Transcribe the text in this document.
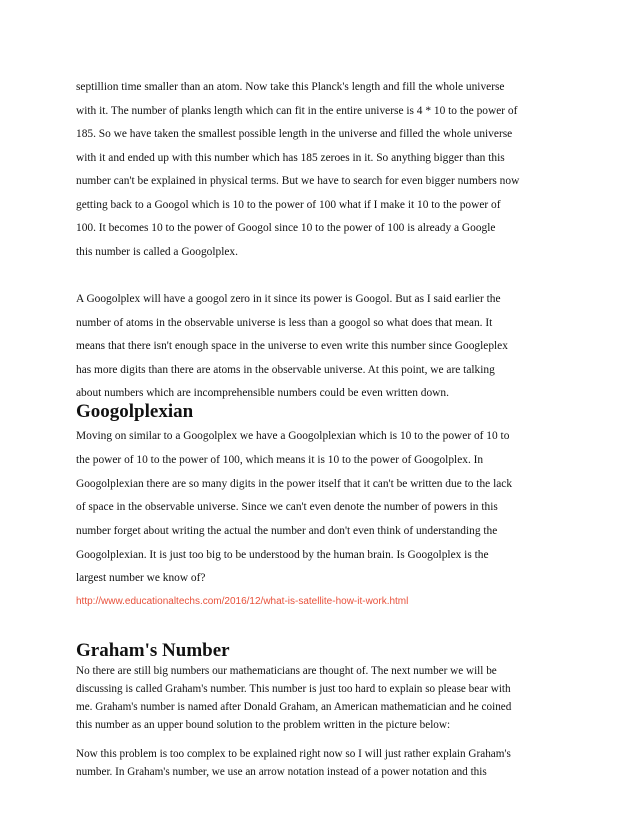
septillion time smaller than an atom. Now take this Planck's length and fill the whole universe
with it. The number of planks length which can fit in the entire universe is 4 * 10 to the power of
185. So we have taken the smallest possible length in the universe and filled the whole universe
with it and ended up with this number which has 185 zeroes in it. So anything bigger than this
number can't be explained in physical terms. But we have to search for even bigger numbers now
getting back to a Googol which is 10 to the power of 100 what if I make it 10 to the power of
100. It becomes 10 to the power of Googol since 10 to the power of 100 is already a Google
this number is called a Googolplex.
A Googolplex will have a googol zero in it since its power is Googol. But as I said earlier the
number of atoms in the observable universe is less than a googol so what does that mean. It
means that there isn't enough space in the universe to even write this number since Googleplex
has more digits than there are atoms in the observable universe. At this point, we are talking
about numbers which are incomprehensible numbers could be even written down.
Googolplexian
Moving on similar to a Googolplex we have a Googolplexian which is 10 to the power of 10 to
the power of 10 to the power of 100, which means it is 10 to the power of Googolplex. In
Googolplexian there are so many digits in the power itself that it can't be written due to the lack
of space in the observable universe. Since we can't even denote the number of powers in this
number forget about writing the actual the number and don't even think of understanding the
Googolplexian. It is just too big to be understood by the human brain. Is Googolplex is the
largest number we know of?
http://www.educationaltechs.com/2016/12/what-is-satellite-how-it-work.html
Graham's Number
No there are still big numbers our mathematicians are thought of. The next number we will be
discussing is called Graham's number. This number is just too hard to explain so please bear with
me. Graham's number is named after Donald Graham, an American mathematician and he coined
this number as an upper bound solution to the problem written in the picture below:
Now this problem is too complex to be explained right now so I will just rather explain Graham's
number. In Graham's number, we use an arrow notation instead of a power notation and this
